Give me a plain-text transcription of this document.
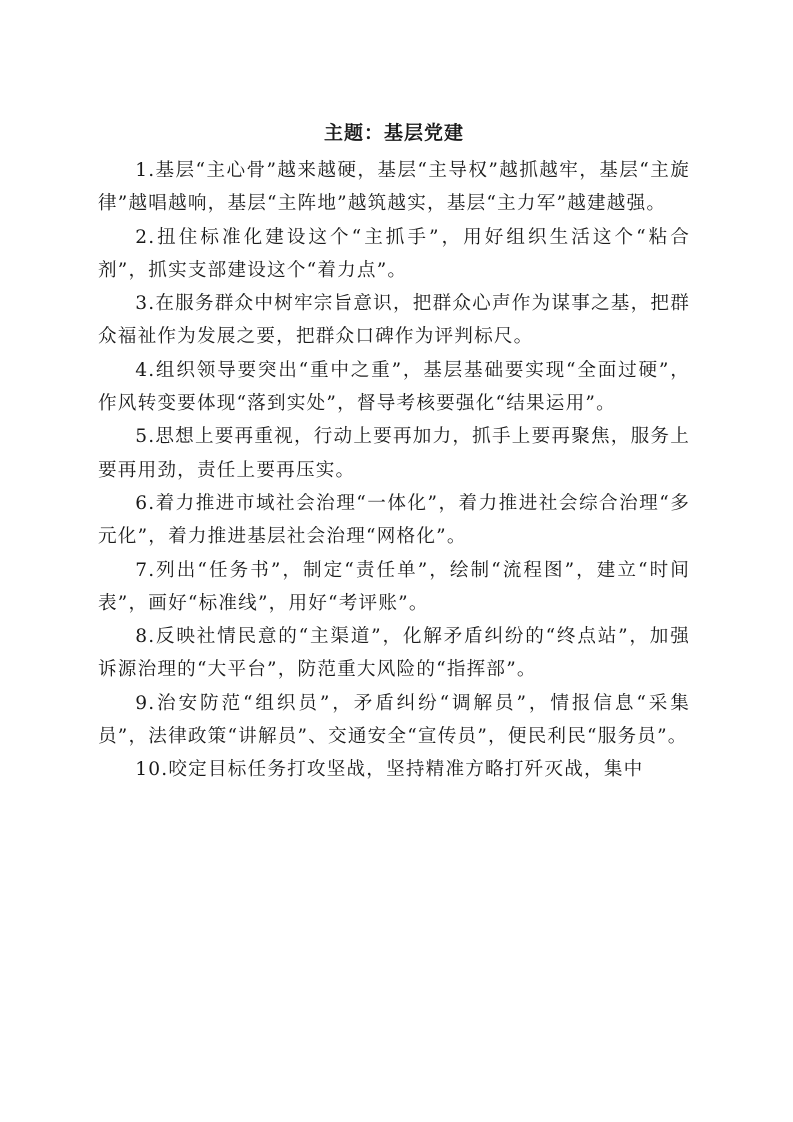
主题：基层党建

1.基层“主心骨”越来越硬，基层“主导权”越抓越牢，基层“主旋律”越唱越响，基层“主阵地”越筑越实，基层“主力军”越建越强。

2.扭住标准化建设这个“主抓手”，用好组织生活这个“粘合剂”，抓实支部建设这个“着力点”。

3.在服务群众中树牢宗旨意识，把群众心声作为谋事之基，把群众福祉作为发展之要，把群众口碑作为评判标尺。

4.组织领导要突出“重中之重”，基层基础要实现“全面过硬”，作风转变要体现“落到实处”，督导考核要强化“结果运用”。

5.思想上要再重视，行动上要再加力，抓手上要再聚焦，服务上要再用劲，责任上要再压实。

6.着力推进市域社会治理“一体化”，着力推进社会综合治理“多元化”，着力推进基层社会治理“网格化”。

7.列出“任务书”，制定“责任单”，绘制“流程图”，建立“时间表”，画好“标准线”，用好“考评账”。

8.反映社情民意的“主渠道”，化解矛盾纠纷的“终点站”，加强诉源治理的“大平台”，防范重大风险的“指挥部”。

9.治安防范“组织员”，矛盾纠纷“调解员”，情报信息“采集员”，法律政策“讲解员”、交通安全“宣传员”，便民利民“服务员”。

10.咬定目标任务打攻坚战，坚持精准方略打歼灭战，集中
